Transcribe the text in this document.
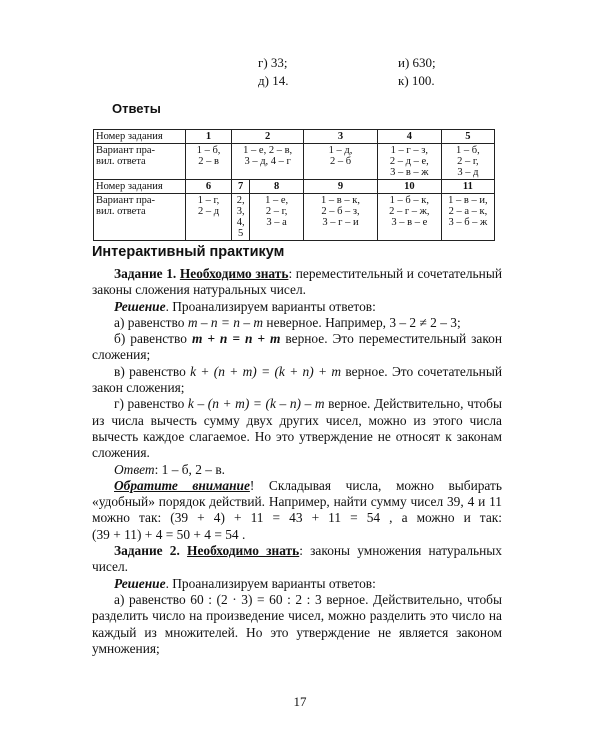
г) 33;	и) 630;
д) 14.	к) 100.
Ответы
Номер задания	1	2		3	4	5
Вариант пра-
вил. ответа	1 – б,
2 – в	1 – е, 2 – в,
3 – д, 4 – г		1 – д,
2 – б	1 – г – з,
2 – д – е,
3 – в – ж	1 – б,
2 – г,
3 – д
Номер задания	6	7	8	9	10	11
Вариант пра-
вил. ответа	1 – г,
2 – д	2, 3,
4, 5	1 – е,
2 – г,
3 – а	1 – в – к,
2 – б – з,
3 – г – и	1 – б – к,
2 – г – ж,
3 – в – е	1 – в – и,
2 – а – к,
3 – б – ж
Интерактивный практикум

Задание 1. Необходимо знать: переместительный и сочетательный законы сложения натуральных чисел.

Решение. Проанализируем варианты ответов:

а) равенство m – n = n – m неверное. Например, 3 – 2 ≠ 2 – 3;

б) равенство m + n = n + m верное. Это переместительный закон сложения;

в) равенство k + (n + m) = (k + n) + m верное. Это сочетательный закон сложения;

г) равенство k – (n + m) = (k – n) – m верное. Действительно, чтобы из числа вычесть сумму двух других чисел, можно из этого числа вычесть каждое слагаемое. Но это утверждение не относят к законам сложения.

Ответ: 1 – б, 2 – в.

Обратите внимание! Складывая числа, можно выбирать «удобный» порядок действий. Например, найти сумму чисел 39, 4 и 11 можно так: (39 + 4) + 11 = 43 + 11 = 54 , а можно и так: (39 + 11) + 4 = 50 + 4 = 54 .

Задание 2. Необходимо знать: законы умножения натуральных чисел.

Решение. Проанализируем варианты ответов:

а) равенство 60 : (2 · 3) = 60 : 2 : 3 верное. Действительно, чтобы разделить число на произведение чисел, можно разделить это число на каждый из множителей. Но это утверждение не является законом умножения;

17
